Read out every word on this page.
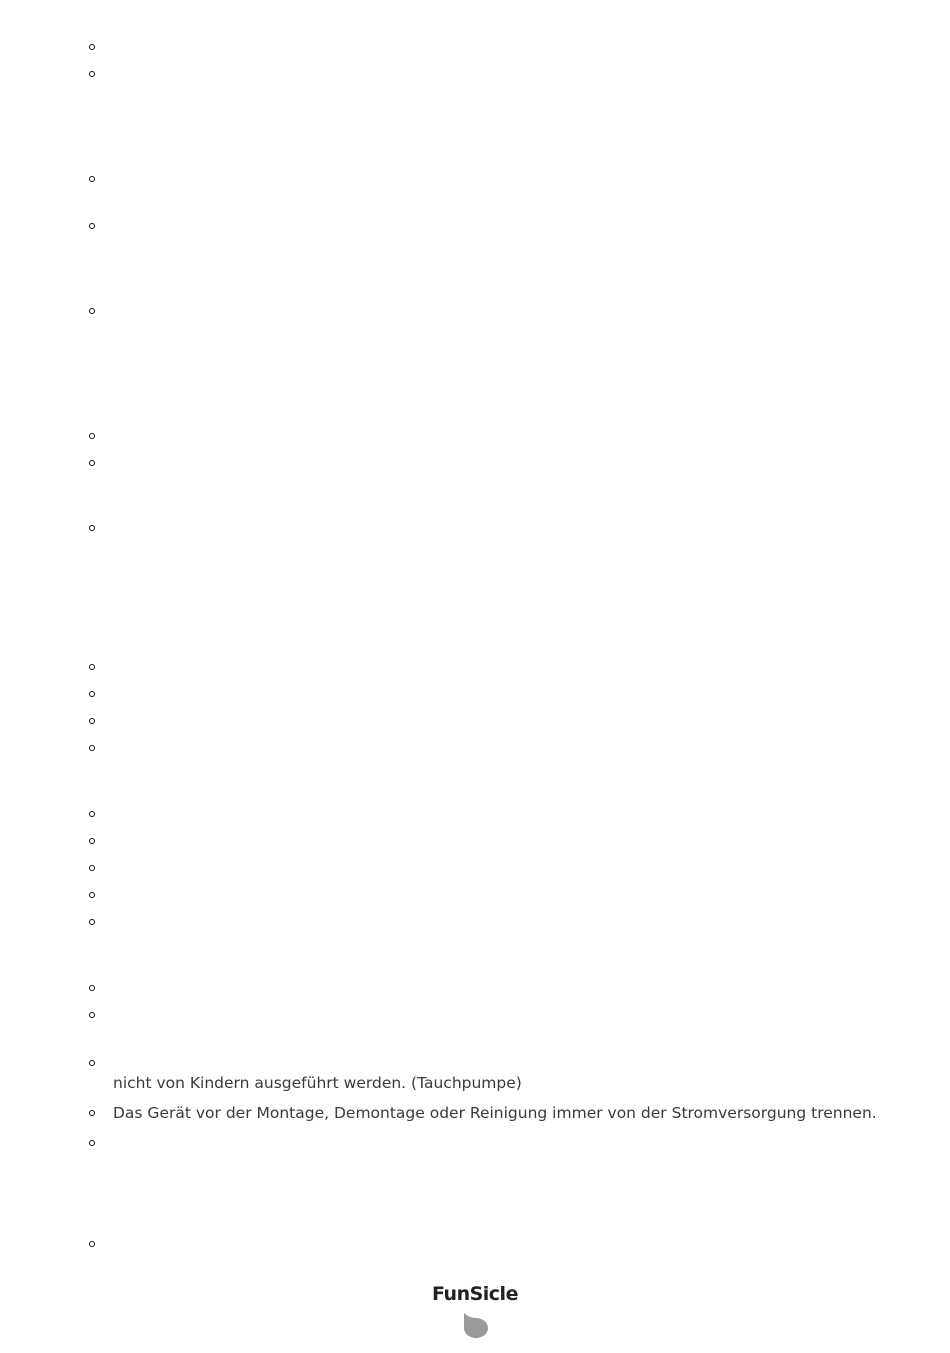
nicht von Kindern ausgeführt werden. (Tauchpumpe)
Das Gerät vor der Montage, Demontage oder Reinigung immer von der Stromversorgung trennen.
FunSicle
